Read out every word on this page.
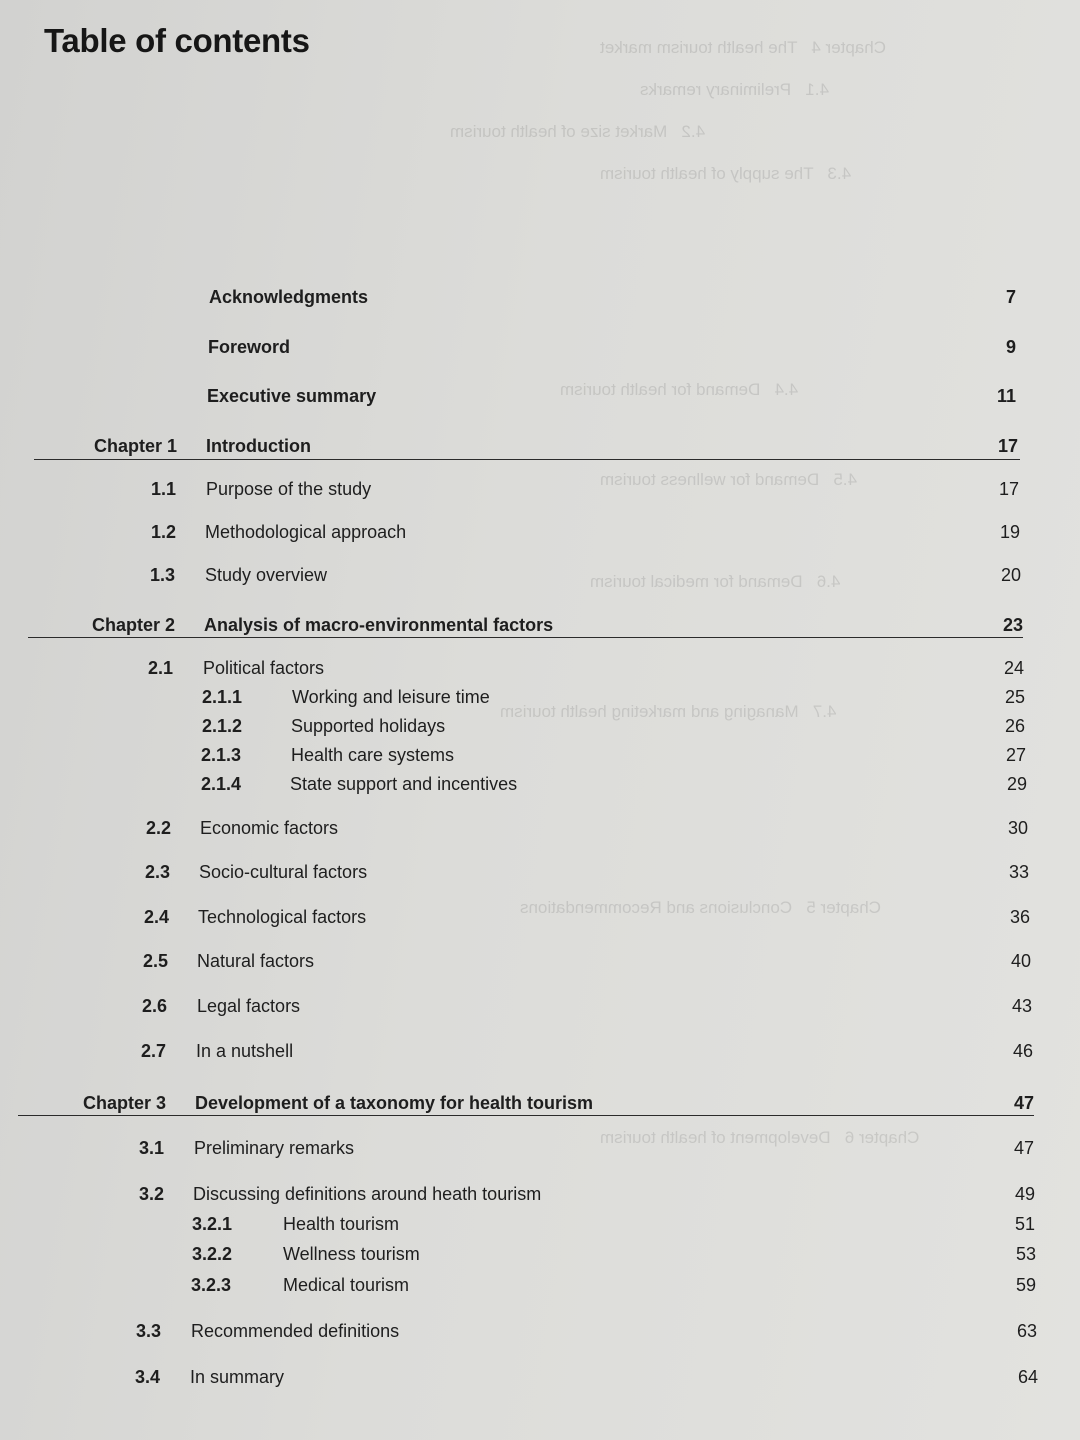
Chapter 4   The health tourism market
4.1   Preliminary remarks
4.2   Market size of health tourism
4.3   The supply of health tourism
4.4   Demand for health tourism
4.5   Demand for wellness tourism
4.6   Demand for medical tourism
4.7   Managing and marketing health tourism
Chapter 5   Conclusions and Recommendations
Chapter 6   Development of health tourism
Table of contents
Acknowledgments	7
Foreword	9
Executive summary	11
Chapter 1 Introduction	17
1.1 Purpose of the study	17
1.2 Methodological approach	19
1.3 Study overview	20
Chapter 2 Analysis of macro-environmental factors	23
2.1 Political factors	24
2.1.1	Working and leisure time	25
2.1.2	Supported holidays	26
2.1.3	Health care systems	27
2.1.4	State support and incentives	29
2.2 Economic factors	30
2.3 Socio-cultural factors	33
2.4 Technological factors	36
2.5 Natural factors	40
2.6 Legal factors	43
2.7 In a nutshell	46
Chapter 3 Development of a taxonomy for health tourism	47
3.1 Preliminary remarks	47
3.2 Discussing definitions around heath tourism	49
3.2.1	Health tourism	51
3.2.2	Wellness tourism	53
3.2.3	Medical tourism	59
3.3 Recommended definitions	63
3.4 In summary	64
